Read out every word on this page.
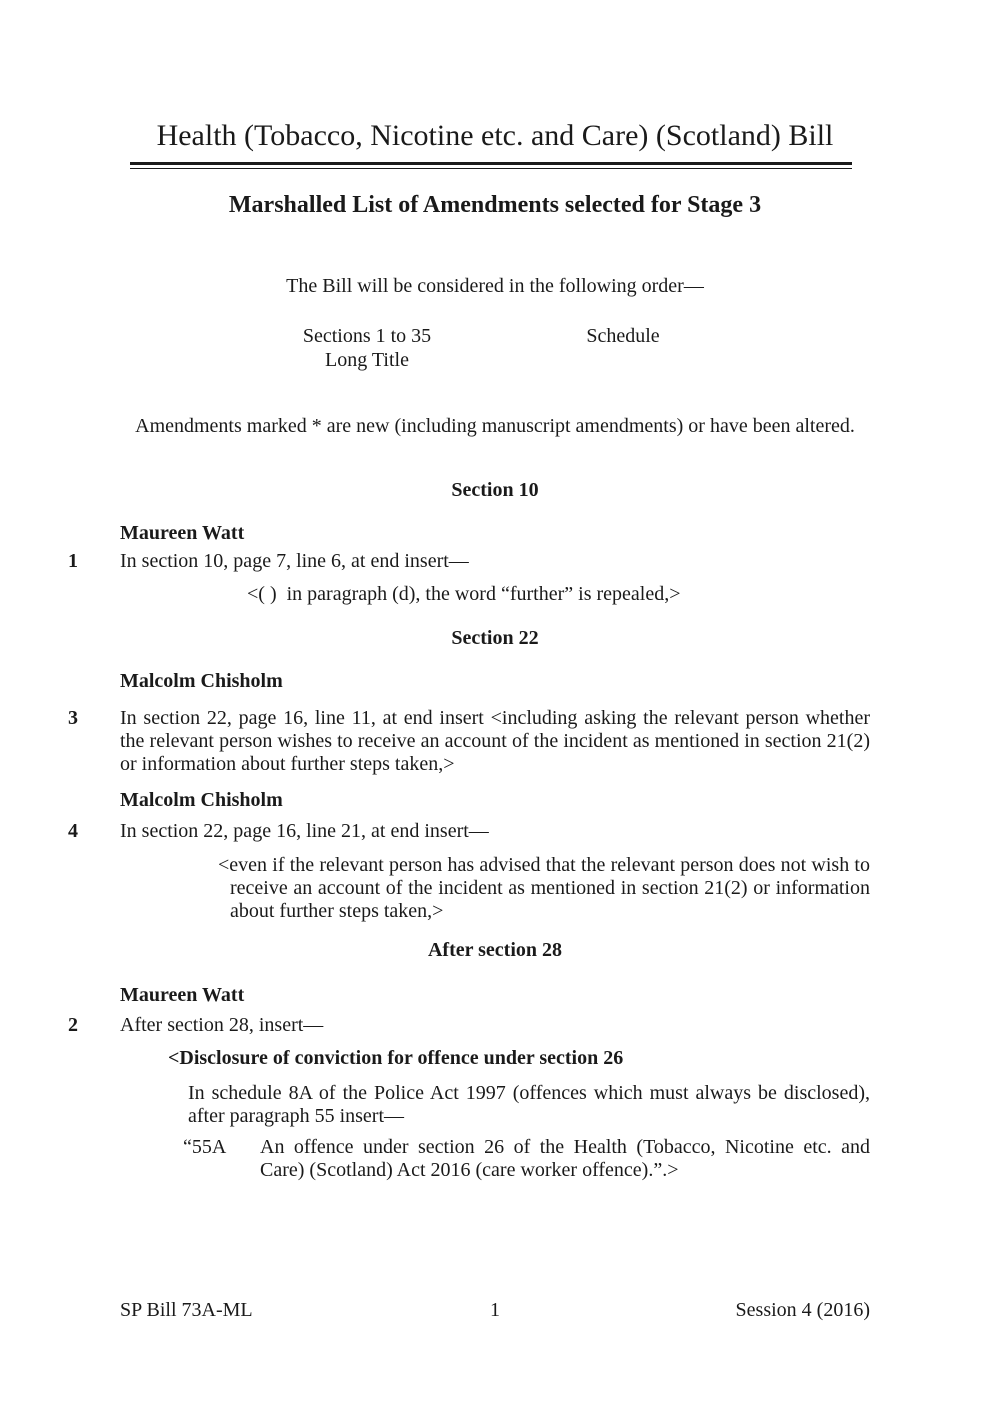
Health (Tobacco, Nicotine etc. and Care) (Scotland) Bill
Marshalled List of Amendments selected for Stage 3
The Bill will be considered in the following order—
Sections 1 to 35
Long Title
Schedule
Amendments marked * are new (including manuscript amendments) or have been altered.
Section 10
Maureen Watt
1 In section 10, page 7, line 6, at end insert—
<( )  in paragraph (d), the word “further” is repealed,>
Section 22
Malcolm Chisholm
3 In section 22, page 16, line 11, at end insert <including asking the relevant person whether the relevant person wishes to receive an account of the incident as mentioned in section 21(2) or information about further steps taken,>
Malcolm Chisholm
4 In section 22, page 16, line 21, at end insert—
<even if the relevant person has advised that the relevant person does not wish to receive an account of the incident as mentioned in section 21(2) or information about further steps taken,>
After section 28
Maureen Watt
2 After section 28, insert—
<Disclosure of conviction for offence under section 26
In schedule 8A of the Police Act 1997 (offences which must always be disclosed), after paragraph 55 insert—
“55A	An offence under section 26 of the Health (Tobacco, Nicotine etc. and Care) (Scotland) Act 2016 (care worker offence).”.>
SP Bill 73A-ML	1	Session 4 (2016)
